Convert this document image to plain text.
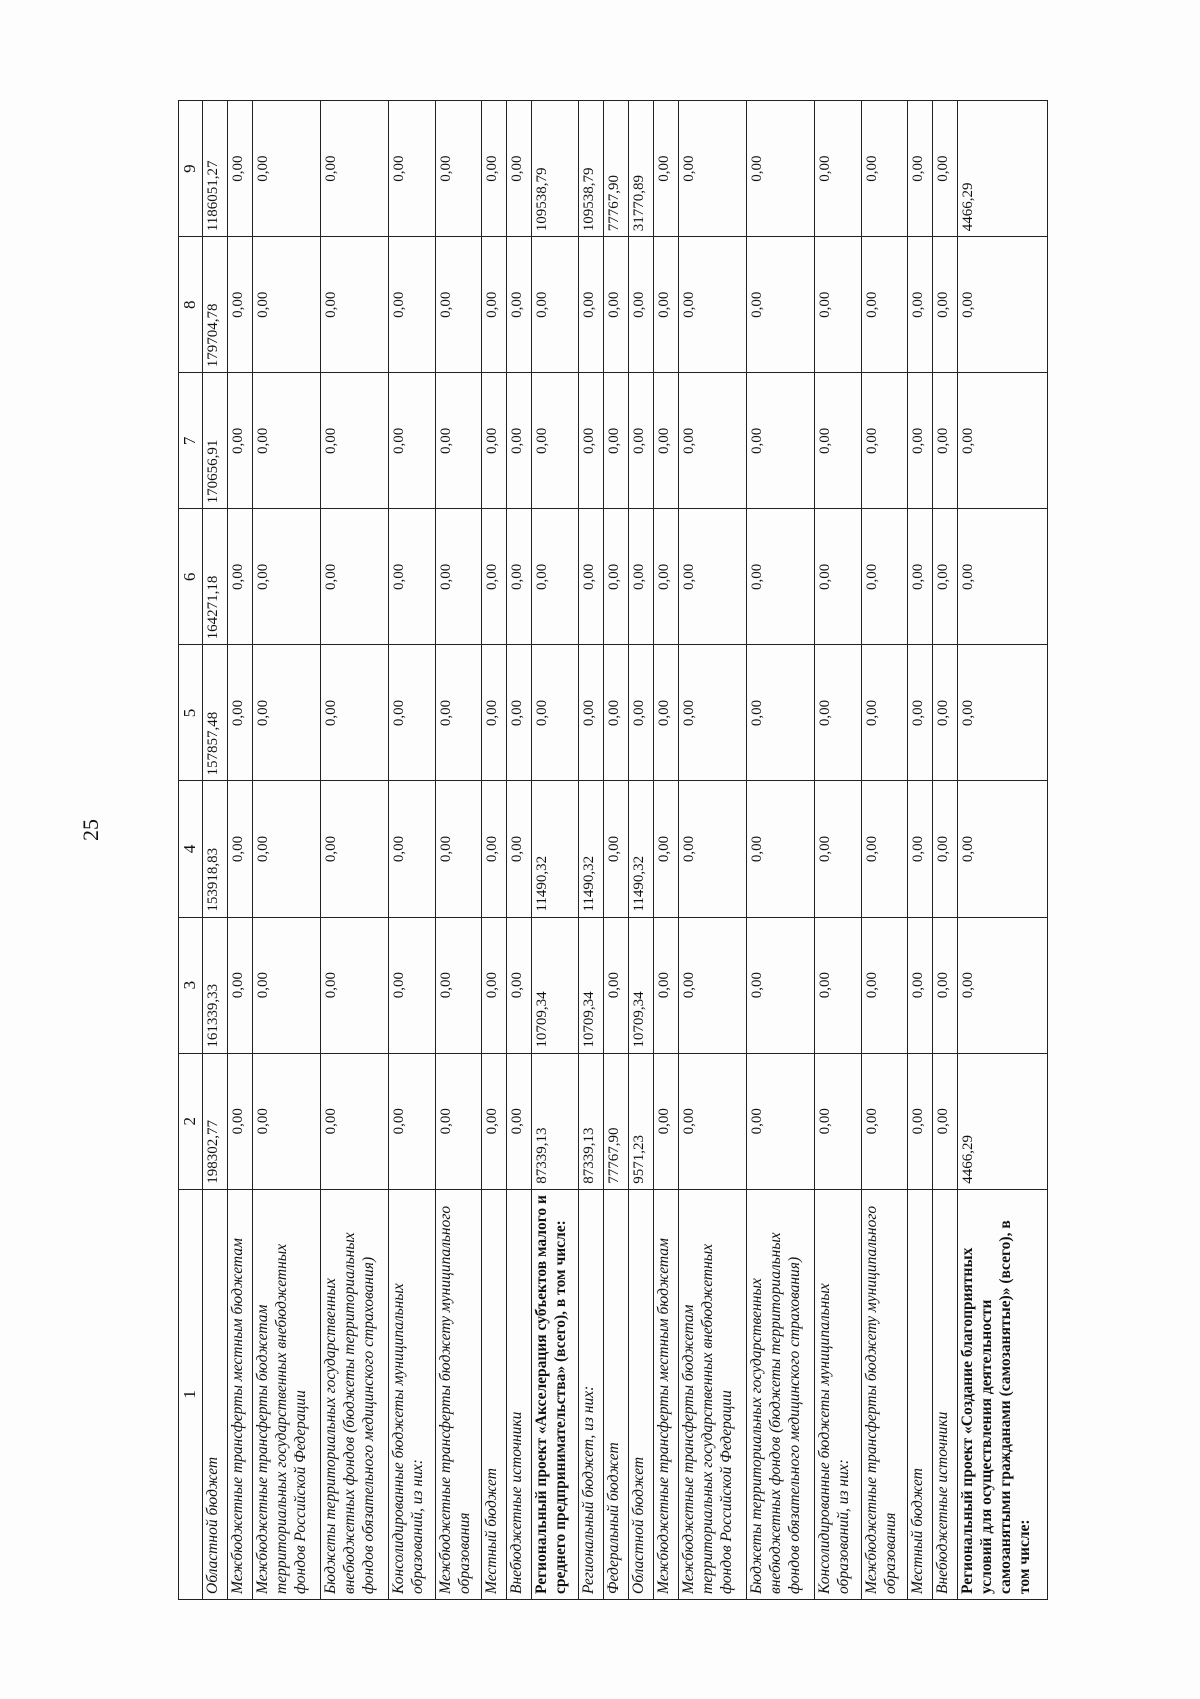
25
1	2	3	4	5	6	7	8	9
Областной бюджет	198302,77	161339,33	153918,83	157857,48	164271,18	170656,91	179704,78	1186051,27
Межбюджетные трансферты местным бюджетам	0,00	0,00	0,00	0,00	0,00	0,00	0,00	0,00
Межбюджетные трансферты бюджетам территориальных государственных внебюджетных фондов Российской Федерации	0,00	0,00	0,00	0,00	0,00	0,00	0,00	0,00
Бюджеты территориальных государственных внебюджетных фондов (бюджеты территориальных фондов обязательного медицинского страхования)	0,00	0,00	0,00	0,00	0,00	0,00	0,00	0,00
Консолидированные бюджеты муниципальных образований, из них:	0,00	0,00	0,00	0,00	0,00	0,00	0,00	0,00
Межбюджетные трансферты бюджету муниципального образования	0,00	0,00	0,00	0,00	0,00	0,00	0,00	0,00
Местный бюджет	0,00	0,00	0,00	0,00	0,00	0,00	0,00	0,00
Внебюджетные источники	0,00	0,00	0,00	0,00	0,00	0,00	0,00	0,00
Региональный проект «Акселерация субъектов малого и среднего предпринимательства» (всего), в том числе:	87339,13	10709,34	11490,32	0,00	0,00	0,00	0,00	109538,79
Региональный бюджет, из них:	87339,13	10709,34	11490,32	0,00	0,00	0,00	0,00	109538,79
Федеральный бюджет	77767,90	0,00	0,00	0,00	0,00	0,00	0,00	77767,90
Областной бюджет	9571,23	10709,34	11490,32	0,00	0,00	0,00	0,00	31770,89
Межбюджетные трансферты местным бюджетам	0,00	0,00	0,00	0,00	0,00	0,00	0,00	0,00
Межбюджетные трансферты бюджетам территориальных государственных внебюджетных фондов Российской Федерации	0,00	0,00	0,00	0,00	0,00	0,00	0,00	0,00
Бюджеты территориальных государственных внебюджетных фондов (бюджеты территориальных фондов обязательного медицинского страхования)	0,00	0,00	0,00	0,00	0,00	0,00	0,00	0,00
Консолидированные бюджеты муниципальных образований, из них:	0,00	0,00	0,00	0,00	0,00	0,00	0,00	0,00
Межбюджетные трансферты бюджету муниципального образования	0,00	0,00	0,00	0,00	0,00	0,00	0,00	0,00
Местный бюджет	0,00	0,00	0,00	0,00	0,00	0,00	0,00	0,00
Внебюджетные источники	0,00	0,00	0,00	0,00	0,00	0,00	0,00	0,00
Региональный проект «Создание благоприятных условий для осуществления деятельности самозанятыми гражданами (самозанятые)» (всего), в том числе:	4466,29	0,00	0,00	0,00	0,00	0,00	0,00	4466,29
